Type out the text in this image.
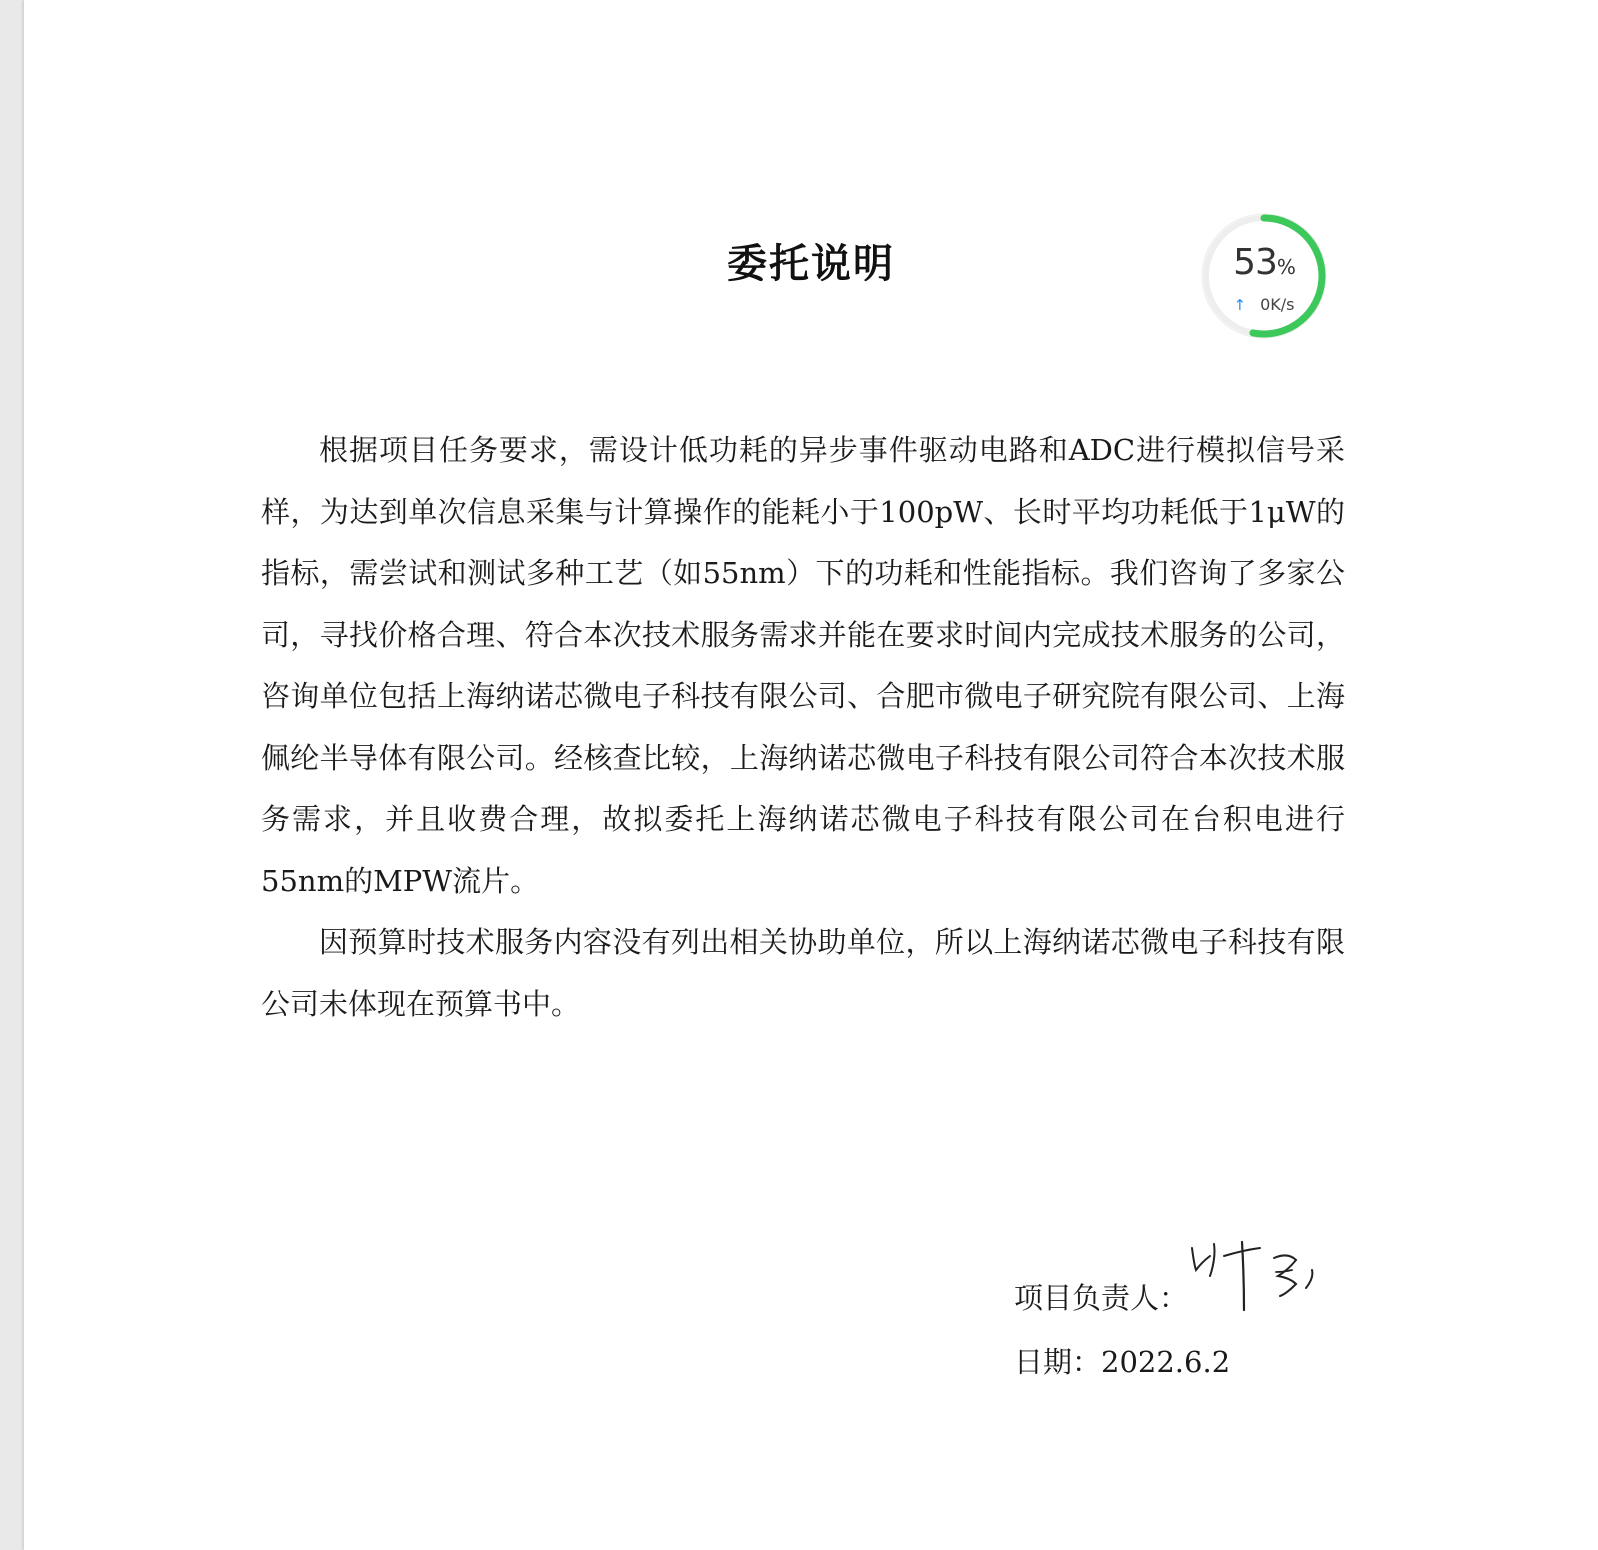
委托说明

根据项目任务要求，需设计低功耗的异步事件驱动电路和ADC进行模拟信号采样，为达到单次信息采集与计算操作的能耗小于100pW、长时平均功耗低于1μW的指标，需尝试和测试多种工艺（如55nm）下的功耗和性能指标。我们咨询了多家公司，寻找价格合理、符合本次技术服务需求并能在要求时间内完成技术服务的公司，咨询单位包括上海纳诺芯微电子科技有限公司、合肥市微电子研究院有限公司、上海佩纶半导体有限公司。经核查比较，上海纳诺芯微电子科技有限公司符合本次技术服务需求，并且收费合理，故拟委托上海纳诺芯微电子科技有限公司在台积电进行55nm的MPW流片。

因预算时技术服务内容没有列出相关协助单位，所以上海纳诺芯微电子科技有限公司未体现在预算书中。

项目负责人：
日期：2022.6.2
53%
↑ 0K/s
